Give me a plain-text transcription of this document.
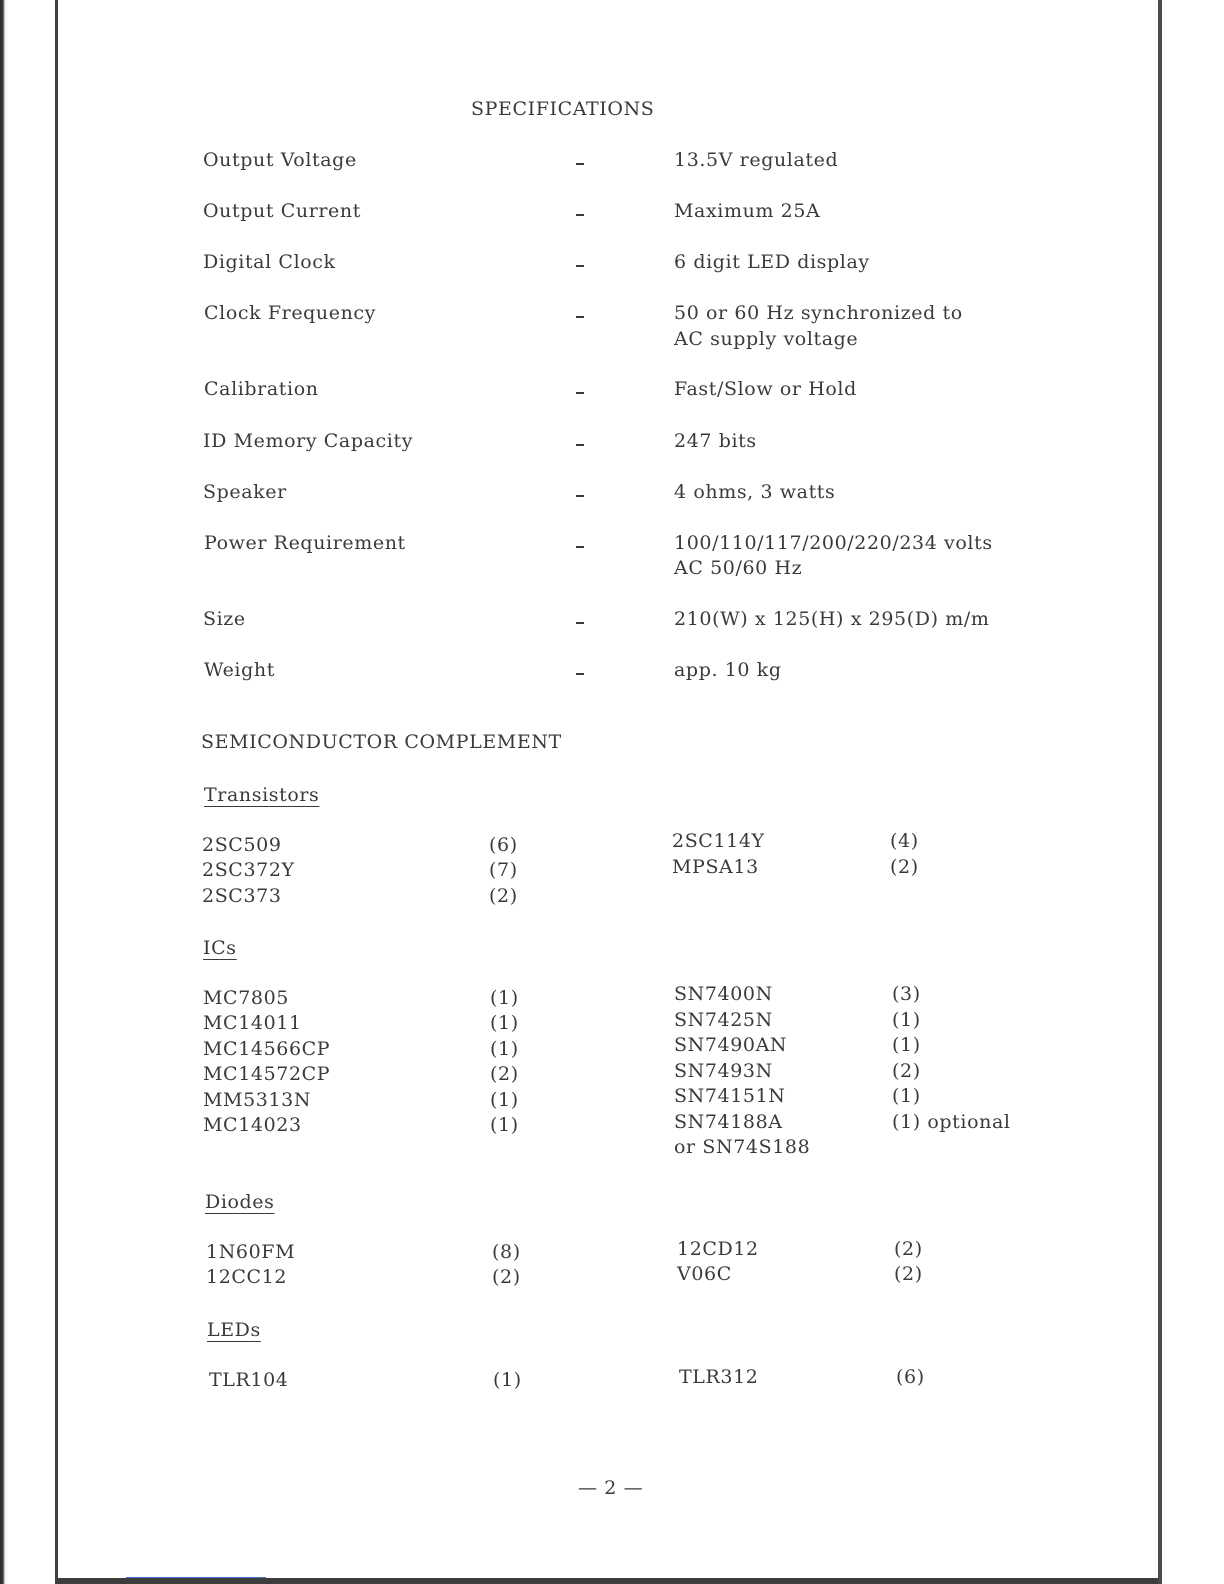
SPECIFICATIONS
Output Voltage	13.5V regulated
Output Current	Maximum 25A
Digital Clock	6 digit LED display
Clock Frequency	50 or 60 Hz synchronized to
AC supply voltage
Calibration	Fast/Slow or Hold
ID Memory Capacity	247 bits
Speaker	4 ohms, 3 watts
Power Requirement	100/110/117/200/220/234 volts
AC 50/60 Hz
Size	210(W) x 125(H) x 295(D) m/m
Weight	app. 10 kg
SEMICONDUCTOR COMPLEMENT
Transistors
2SC509	(6)
2SC372Y	(7)
2SC373	(2)
2SC114Y	(4)
MPSA13	(2)
ICs
MC7805	(1)
MC14011	(1)
MC14566CP	(1)
MC14572CP	(2)
MM5313N	(1)
MC14023	(1)
SN7400N	(3)
SN7425N	(1)
SN7490AN	(1)
SN7493N	(2)
SN74151N	(1)
SN74188A	(1) optional
or SN74S188
Diodes
1N60FM	(8)
12CC12	(2)
12CD12	(2)
V06C	(2)
LEDs
TLR104	(1)	TLR312	(6)
— 2 —
